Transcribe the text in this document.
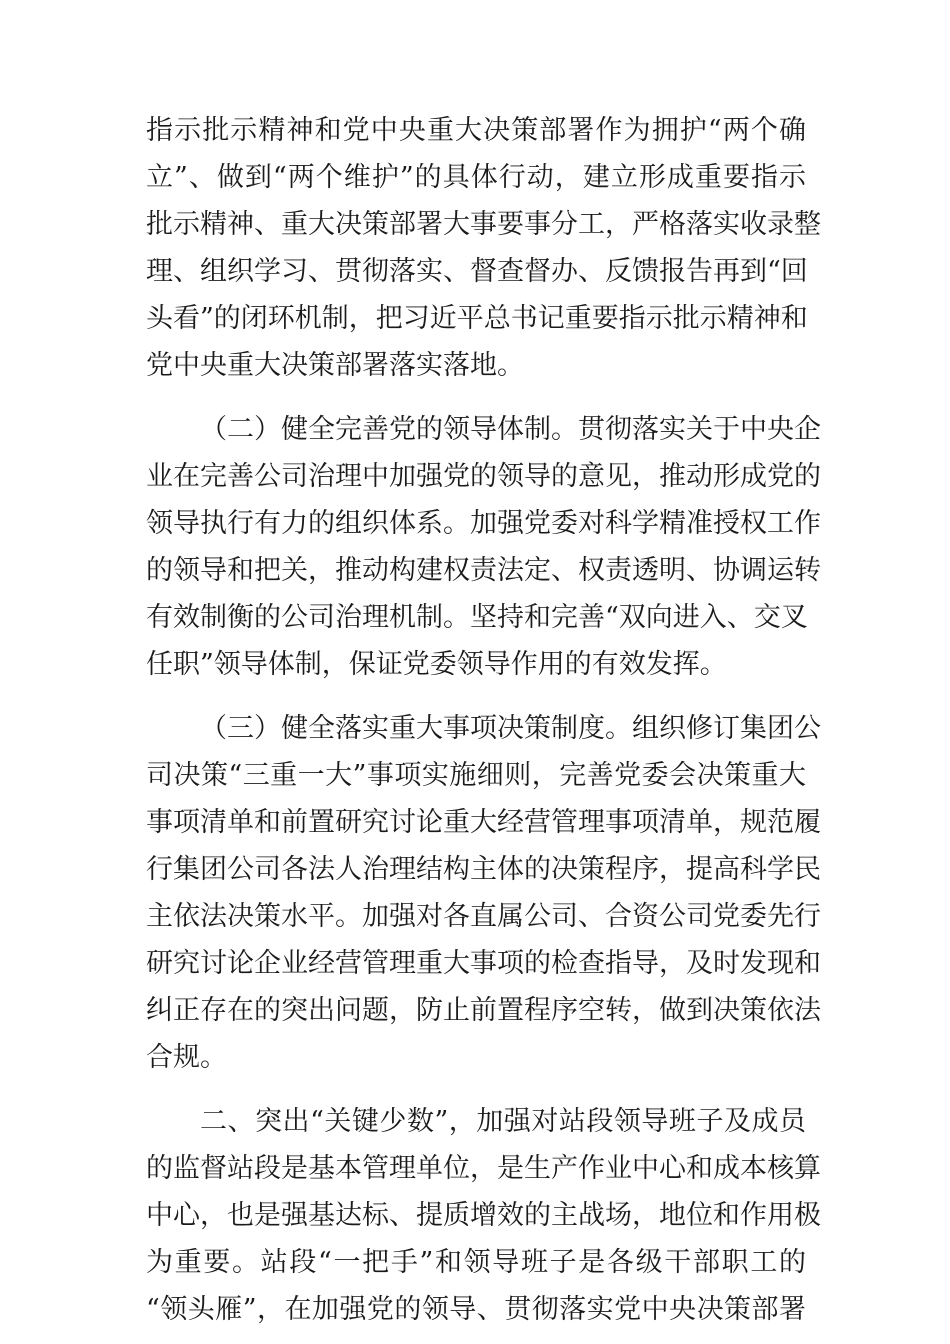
指示批示精神和党中央重大决策部署作为拥护“两个确
立”、做到“两个维护”的具体行动，建立形成重要指示
批示精神、重大决策部署大事要事分工，严格落实收录整
理、组织学习、贯彻落实、督查督办、反馈报告再到“回
头看”的闭环机制，把习近平总书记重要指示批示精神和
党中央重大决策部署落实落地。
（二）健全完善党的领导体制。贯彻落实关于中央企
业在完善公司治理中加强党的领导的意见，推动形成党的
领导执行有力的组织体系。加强党委对科学精准授权工作
的领导和把关，推动构建权责法定、权责透明、协调运转
有效制衡的公司治理机制。坚持和完善“双向进入、交叉
任职”领导体制，保证党委领导作用的有效发挥。
（三）健全落实重大事项决策制度。组织修订集团公
司决策“三重一大”事项实施细则，完善党委会决策重大
事项清单和前置研究讨论重大经营管理事项清单，规范履
行集团公司各法人治理结构主体的决策程序，提高科学民
主依法决策水平。加强对各直属公司、合资公司党委先行
研究讨论企业经营管理重大事项的检查指导，及时发现和
纠正存在的突出问题，防止前置程序空转，做到决策依法
合规。
二、突出“关键少数”，加强对站段领导班子及成员
的监督站段是基本管理单位，是生产作业中心和成本核算
中心，也是强基达标、提质增效的主战场，地位和作用极
为重要。站段“一把手”和领导班子是各级干部职工的
“领头雁”，在加强党的领导、贯彻落实党中央决策部署
